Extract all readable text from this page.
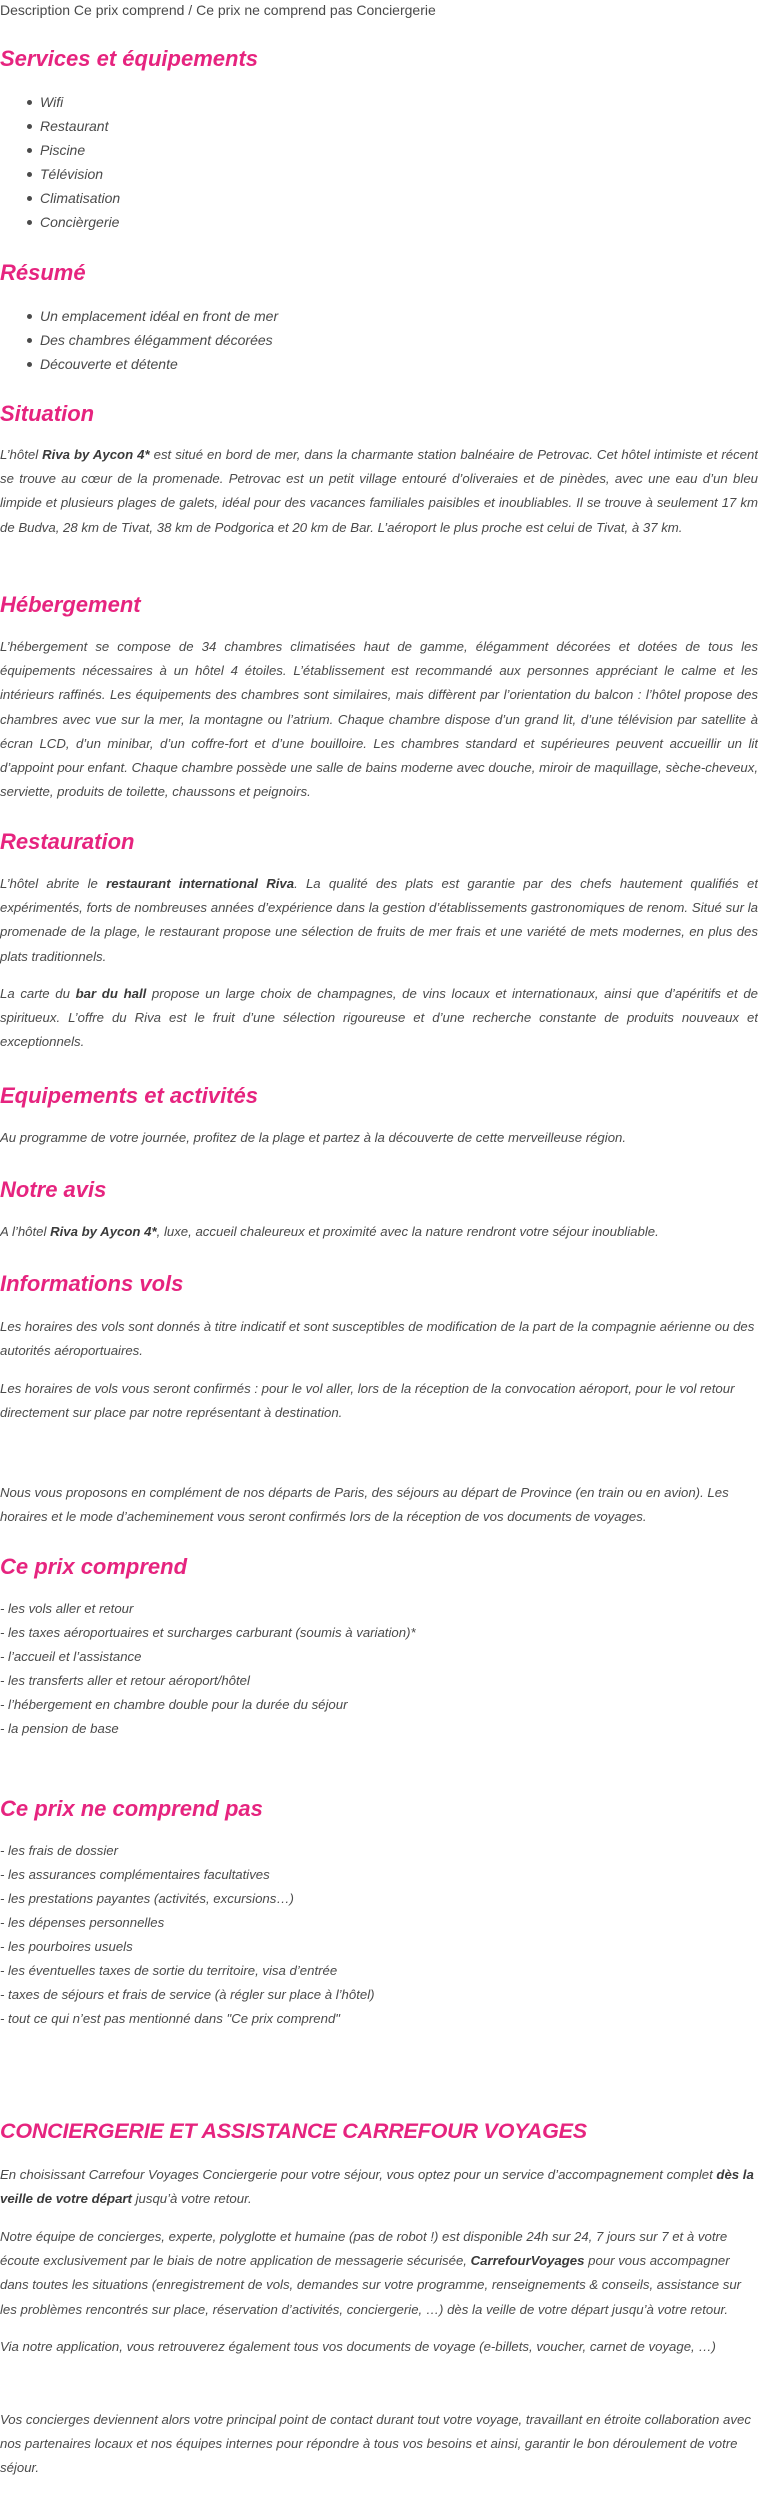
Description Ce prix comprend / Ce prix ne comprend pas Conciergerie
Services et équipements
Wifi
Restaurant
Piscine
Télévision
Climatisation
Concièrgerie
Résumé
Un emplacement idéal en front de mer
Des chambres élégamment décorées
Découverte et détente
Situation

L’hôtel Riva by Aycon 4* est situé en bord de mer, dans la charmante station balnéaire de Petrovac. Cet hôtel intimiste et récent se trouve au cœur de la promenade. Petrovac est un petit village entouré d’oliveraies et de pinèdes, avec une eau d’un bleu limpide et plusieurs plages de galets, idéal pour des vacances familiales paisibles et inoubliables. Il se trouve à seulement 17 km de Budva, 28 km de Tivat, 38 km de Podgorica et 20 km de Bar. L’aéroport le plus proche est celui de Tivat, à 37 km.

Hébergement

L’hébergement se compose de 34 chambres climatisées haut de gamme, élégamment décorées et dotées de tous les équipements nécessaires à un hôtel 4 étoiles. L’établissement est recommandé aux personnes appréciant le calme et les intérieurs raffinés. Les équipements des chambres sont similaires, mais diffèrent par l’orientation du balcon : l’hôtel propose des chambres avec vue sur la mer, la montagne ou l’atrium. Chaque chambre dispose d’un grand lit, d’une télévision par satellite à écran LCD, d’un minibar, d’un coffre-fort et d’une bouilloire. Les chambres standard et supérieures peuvent accueillir un lit d’appoint pour enfant. Chaque chambre possède une salle de bains moderne avec douche, miroir de maquillage, sèche-cheveux, serviette, produits de toilette, chaussons et peignoirs.

Restauration

L’hôtel abrite le restaurant international Riva. La qualité des plats est garantie par des chefs hautement qualifiés et expérimentés, forts de nombreuses années d’expérience dans la gestion d’établissements gastronomiques de renom. Situé sur la promenade de la plage, le restaurant propose une sélection de fruits de mer frais et une variété de mets modernes, en plus des plats traditionnels.

La carte du bar du hall propose un large choix de champagnes, de vins locaux et internationaux, ainsi que d’apéritifs et de spiritueux. L’offre du Riva est le fruit d’une sélection rigoureuse et d’une recherche constante de produits nouveaux et exceptionnels.

Equipements et activités

Au programme de votre journée, profitez de la plage et partez à la découverte de cette merveilleuse région.

Notre avis

A l’hôtel Riva by Aycon 4*, luxe, accueil chaleureux et proximité avec la nature rendront votre séjour inoubliable.

Informations vols

Les horaires des vols sont donnés à titre indicatif et sont susceptibles de modification de la part de la compagnie aérienne ou des autorités aéroportuaires.

Les horaires de vols vous seront confirmés : pour le vol aller, lors de la réception de la convocation aéroport, pour le vol retour directement sur place par notre représentant à destination.

Nous vous proposons en complément de nos départs de Paris, des séjours au départ de Province (en train ou en avion). Les horaires et le mode d’acheminement vous seront confirmés lors de la réception de vos documents de voyages.

Ce prix comprend
- les vols aller et retour
- les taxes aéroportuaires et surcharges carburant (soumis à variation)*
- l’accueil et l’assistance
- les transferts aller et retour aéroport/hôtel
- l’hébergement en chambre double pour la durée du séjour
- la pension de base
Ce prix ne comprend pas
- les frais de dossier
- les assurances complémentaires facultatives
- les prestations payantes (activités, excursions…)
- les dépenses personnelles
- les pourboires usuels
- les éventuelles taxes de sortie du territoire, visa d’entrée
- taxes de séjours et frais de service (à régler sur place à l’hôtel)
- tout ce qui n’est pas mentionné dans "Ce prix comprend"
CONCIERGERIE ET ASSISTANCE CARREFOUR VOYAGES

En choisissant Carrefour Voyages Conciergerie pour votre séjour, vous optez pour un service d’accompagnement complet dès la veille de votre départ jusqu’à votre retour.

Notre équipe de concierges, experte, polyglotte et humaine (pas de robot !) est disponible 24h sur 24, 7 jours sur 7 et à votre écoute exclusivement par le biais de notre application de messagerie sécurisée, CarrefourVoyages pour vous accompagner dans toutes les situations (enregistrement de vols, demandes sur votre programme, renseignements & conseils, assistance sur les problèmes rencontrés sur place, réservation d’activités, conciergerie, …) dès la veille de votre départ jusqu’à votre retour.

Via notre application, vous retrouverez également tous vos documents de voyage (e-billets, voucher, carnet de voyage, …)

Vos concierges deviennent alors votre principal point de contact durant tout votre voyage, travaillant en étroite collaboration avec nos partenaires locaux et nos équipes internes pour répondre à tous vos besoins et ainsi, garantir le bon déroulement de votre séjour.
